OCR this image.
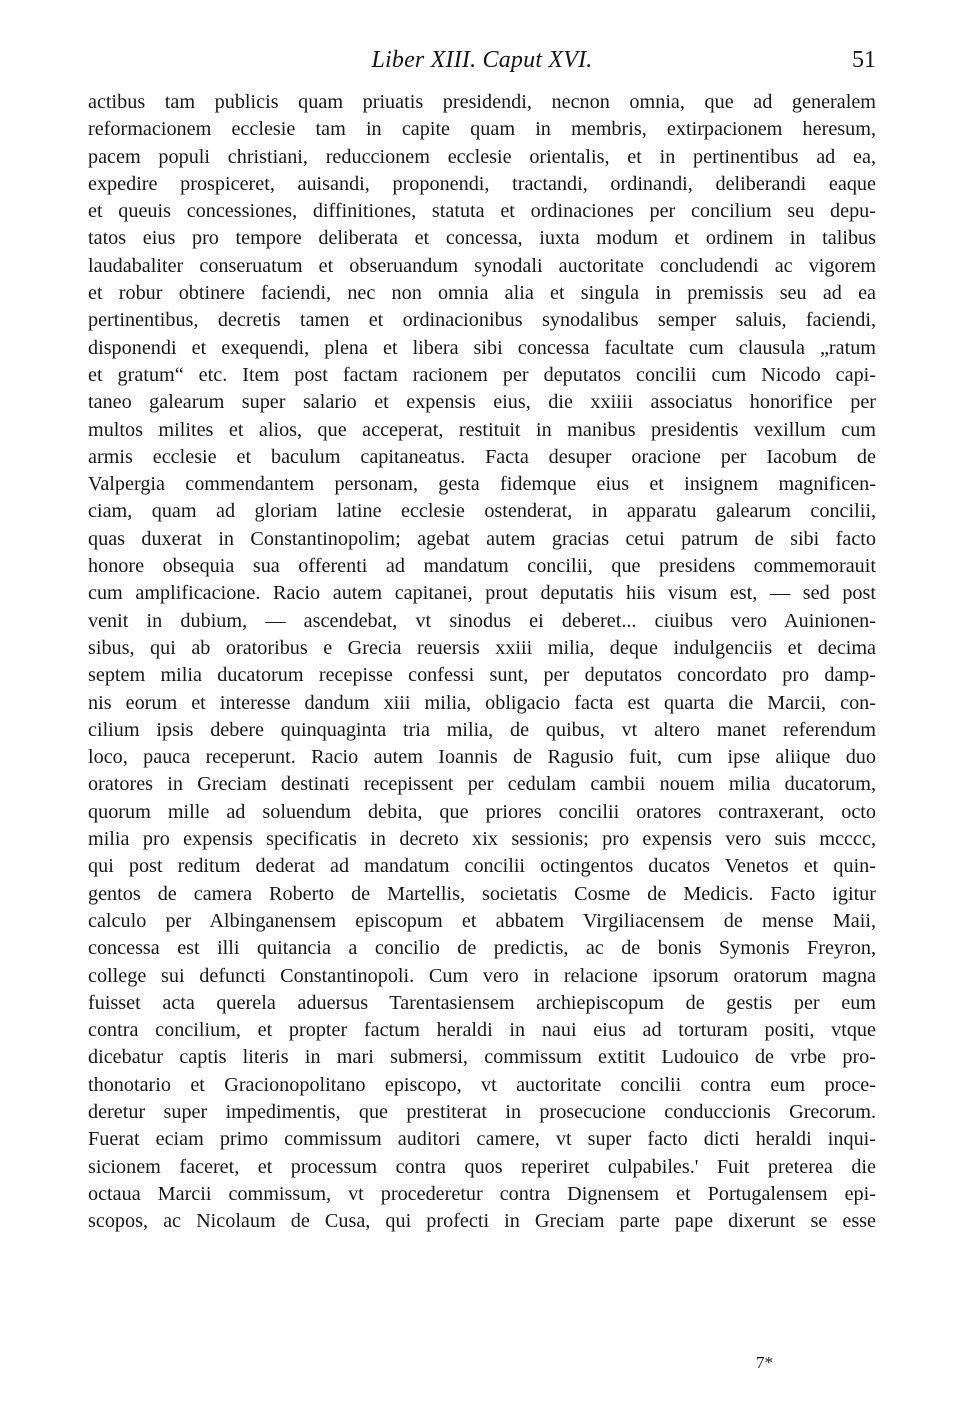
Liber XIII. Caput XVI.	51
actibus tam publicis quam priuatis presidendi, necnon omnia, que ad generalem
reformacionem ecclesie tam in capite quam in membris, extirpacionem heresum,
pacem populi christiani, reduccionem ecclesie orientalis, et in pertinentibus ad ea,
expedire prospiceret, auisandi, proponendi, tractandi, ordinandi, deliberandi eaque
et queuis concessiones, diffinitiones, statuta et ordinaciones per concilium seu depu-
tatos eius pro tempore deliberata et concessa, iuxta modum et ordinem in talibus
laudabaliter conseruatum et obseruandum synodali auctoritate concludendi ac vigorem
et robur obtinere faciendi, nec non omnia alia et singula in premissis seu ad ea
pertinentibus, decretis tamen et ordinacionibus synodalibus semper saluis, faciendi,
disponendi et exequendi, plena et libera sibi concessa facultate cum clausula „ratum
et gratum“ etc. Item post factam racionem per deputatos concilii cum Nicodo capi-
taneo galearum super salario et expensis eius, die xxiiii associatus honorifice per
multos milites et alios, que acceperat, restituit in manibus presidentis vexillum cum
armis ecclesie et baculum capitaneatus. Facta desuper oracione per Iacobum de
Valpergia commendantem personam, gesta fidemque eius et insignem magnificen-
ciam, quam ad gloriam latine ecclesie ostenderat, in apparatu galearum concilii,
quas duxerat in Constantinopolim; agebat autem gracias cetui patrum de sibi facto
honore obsequia sua offerenti ad mandatum concilii, que presidens commemorauit
cum amplificacione. Racio autem capitanei, prout deputatis hiis visum est, — sed post
venit in dubium, — ascendebat, vt sinodus ei deberet... ciuibus vero Auinionen-
sibus, qui ab oratoribus e Grecia reuersis xxiii milia, deque indulgenciis et decima
septem milia ducatorum recepisse confessi sunt, per deputatos concordato pro damp-
nis eorum et interesse dandum xiii milia, obligacio facta est quarta die Marcii, con-
cilium ipsis debere quinquaginta tria milia, de quibus, vt altero manet referendum
loco, pauca receperunt. Racio autem Ioannis de Ragusio fuit, cum ipse aliique duo
oratores in Greciam destinati recepissent per cedulam cambii nouem milia ducatorum,
quorum mille ad soluendum debita, que priores concilii oratores contraxerant, octo
milia pro expensis specificatis in decreto xix sessionis; pro expensis vero suis mcccc,
qui post reditum dederat ad mandatum concilii octingentos ducatos Venetos et quin-
gentos de camera Roberto de Martellis, societatis Cosme de Medicis. Facto igitur
calculo per Albinganensem episcopum et abbatem Virgiliacensem de mense Maii,
concessa est illi quitancia a concilio de predictis, ac de bonis Symonis Freyron,
college sui defuncti Constantinopoli. Cum vero in relacione ipsorum oratorum magna
fuisset acta querela aduersus Tarentasiensem archiepiscopum de gestis per eum
contra concilium, et propter factum heraldi in naui eius ad torturam positi, vtque
dicebatur captis literis in mari submersi, commissum extitit Ludouico de vrbe pro-
thonotario et Gracionopolitano episcopo, vt auctoritate concilii contra eum proce-
deretur super impedimentis, que prestiterat in prosecucione conduccionis Grecorum.
Fuerat eciam primo commissum auditori camere, vt super facto dicti heraldi inqui-
sicionem faceret, et processum contra quos reperiret culpabiles.' Fuit preterea die
octaua Marcii commissum, vt procederetur contra Dignensem et Portugalensem epi-
scopos, ac Nicolaum de Cusa, qui profecti in Greciam parte pape dixerunt se esse
7*
